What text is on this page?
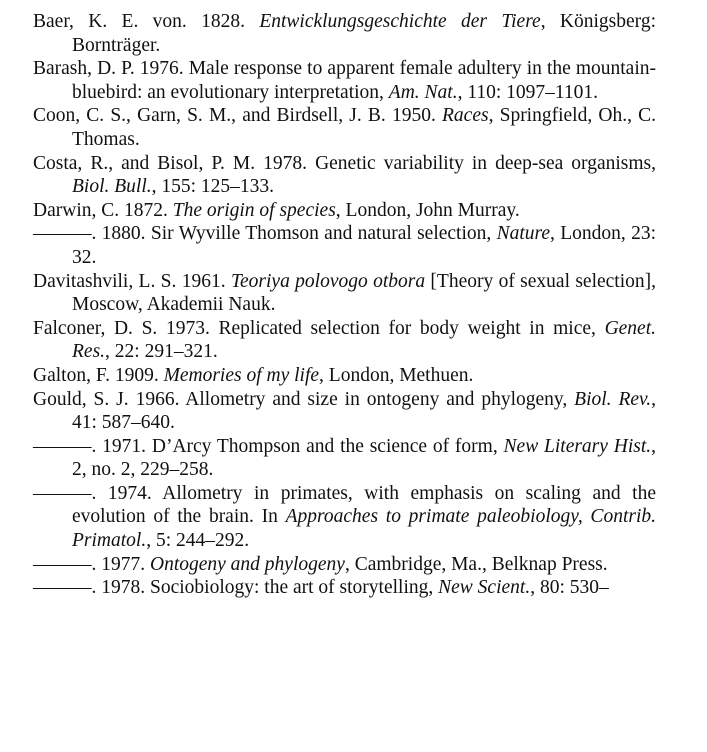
Baer, K. E. von. 1828. Entwicklungsgeschichte der Tiere, Königsberg: Bornträger.

Barash, D. P. 1976. Male response to apparent female adultery in the mountain-bluebird: an evolutionary interpretation, Am. Nat., 110: 1097–1101.

Coon, C. S., Garn, S. M., and Birdsell, J. B. 1950. Races, Springfield, Oh., C. Thomas.

Costa, R., and Bisol, P. M. 1978. Genetic variability in deep-sea organisms, Biol. Bull., 155: 125–133.

Darwin, C. 1872. The origin of species, London, John Murray.

———. 1880. Sir Wyville Thomson and natural selection, Nature, London, 23: 32.

Davitashvili, L. S. 1961. Teoriya polovogo otbora [Theory of sexual selection], Moscow, Akademii Nauk.

Falconer, D. S. 1973. Replicated selection for body weight in mice, Genet. Res., 22: 291–321.

Galton, F. 1909. Memories of my life, London, Methuen.

Gould, S. J. 1966. Allometry and size in ontogeny and phylogeny, Biol. Rev., 41: 587–640.

———. 1971. D’Arcy Thompson and the science of form, New Literary Hist., 2, no. 2, 229–258.

———. 1974. Allometry in primates, with emphasis on scaling and the evolution of the brain. In Approaches to primate paleobiology, Contrib. Primatol., 5: 244–292.

———. 1977. Ontogeny and phylogeny, Cambridge, Ma., Belknap Press.

———. 1978. Sociobiology: the art of storytelling, New Scient., 80: 530–
